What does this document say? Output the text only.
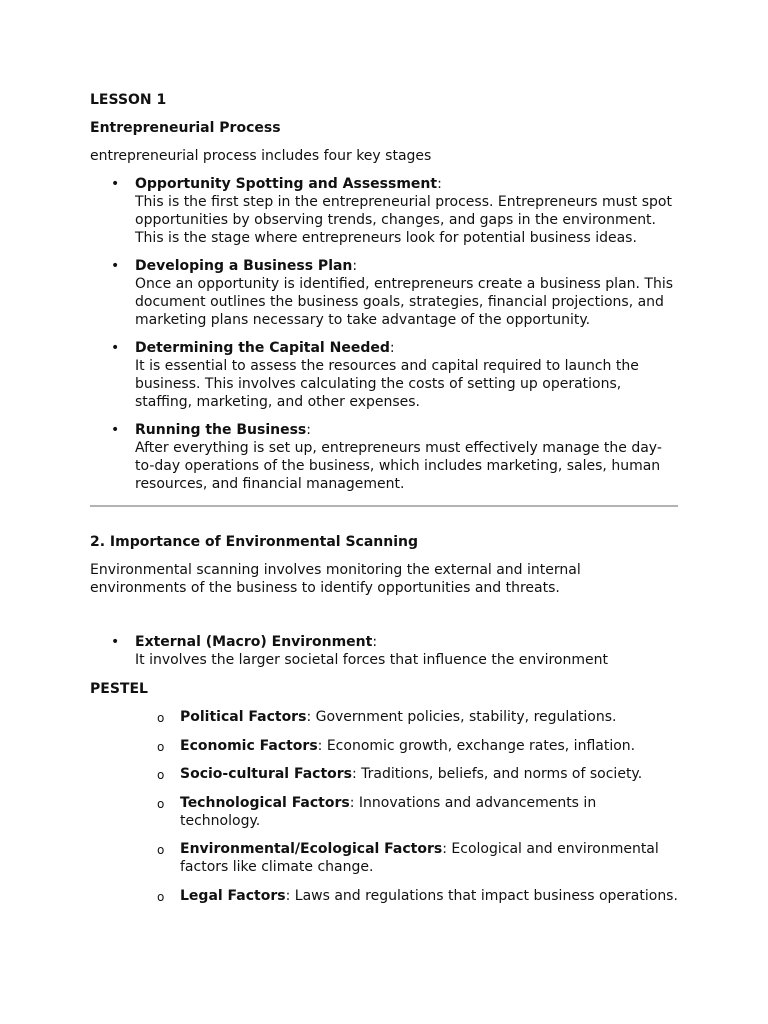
LESSON 1

Entrepreneurial Process

entrepreneurial process includes four key stages

• Opportunity Spotting and Assessment:
This is the first step in the entrepreneurial process. Entrepreneurs must spot opportunities by observing trends, changes, and gaps in the environment. This is the stage where entrepreneurs look for potential business ideas.
• Developing a Business Plan:
Once an opportunity is identified, entrepreneurs create a business plan. This document outlines the business goals, strategies, financial projections, and marketing plans necessary to take advantage of the opportunity.
• Determining the Capital Needed:
It is essential to assess the resources and capital required to launch the business. This involves calculating the costs of setting up operations, staffing, marketing, and other expenses.
• Running the Business:
After everything is set up, entrepreneurs must effectively manage the day-to-day operations of the business, which includes marketing, sales, human resources, and financial management.

2. Importance of Environmental Scanning

Environmental scanning involves monitoring the external and internal environments of the business to identify opportunities and threats.

• External (Macro) Environment:
It involves the larger societal forces that influence the environment

PESTEL

o Political Factors: Government policies, stability, regulations.
o Economic Factors: Economic growth, exchange rates, inflation.
o Socio-cultural Factors: Traditions, beliefs, and norms of society.
o Technological Factors: Innovations and advancements in technology.
o Environmental/Ecological Factors: Ecological and environmental factors like climate change.
o Legal Factors: Laws and regulations that impact business operations.
